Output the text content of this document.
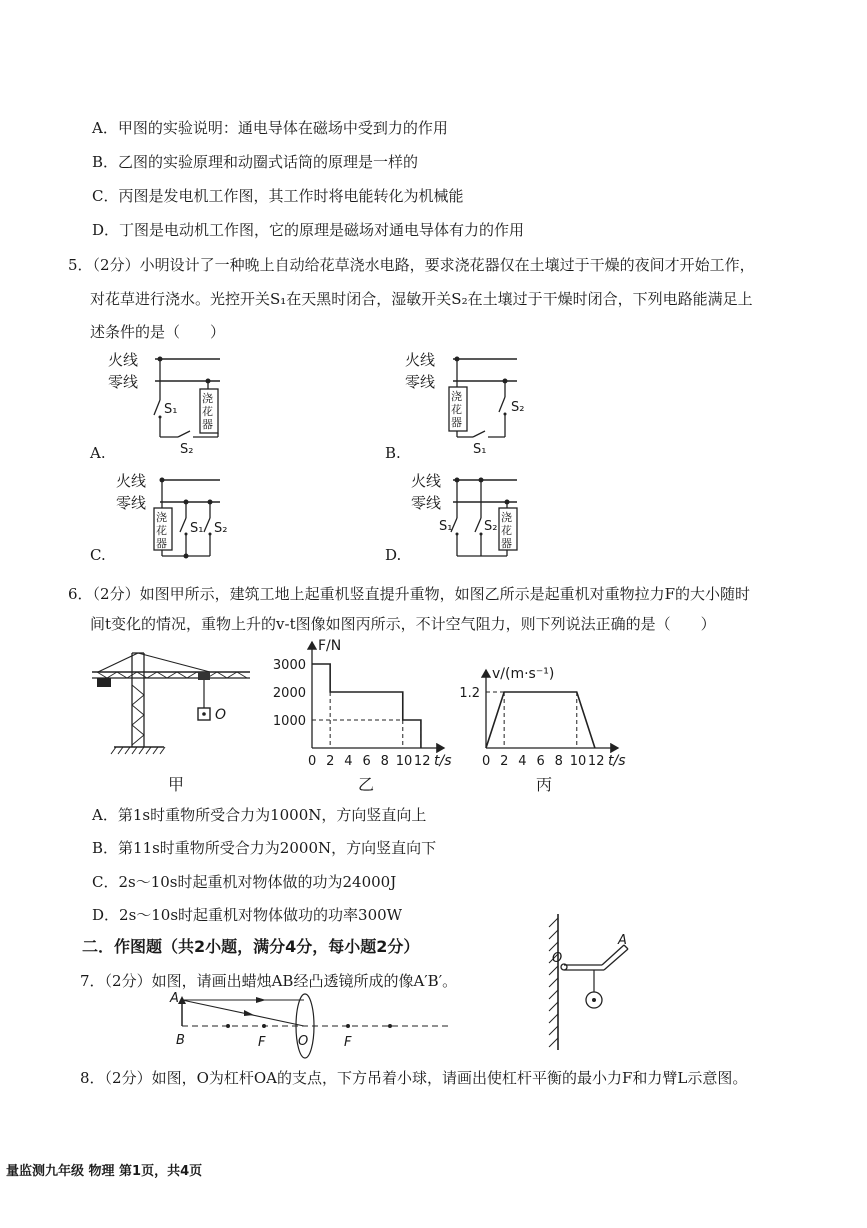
A．甲图的实验说明：通电导体在磁场中受到力的作用
B．乙图的实验原理和动圈式话筒的原理是一样的
C．丙图是发电机工作图，其工作时将电能转化为机械能
D．丁图是电动机工作图，它的原理是磁场对通电导体有力的作用
5．（2分）小明设计了一种晚上自动给花草浇水电路，要求浇花器仅在土壤过于干燥的夜间才开始工作，
对花草进行浇水。光控开关S₁在天黑时闭合，湿敏开关S₂在土壤过于干燥时闭合，下列电路能满足上
述条件的是（　　）
火线
零线
S₁
S₂
浇
花
器
A.
火线
零线
浇
花
器
S₁
S₂
B.
火线
零线
浇
花
器
S₁ S₂
C.
火线
零线
S₁ S₂
浇
花
器
D.
6．（2分）如图甲所示，建筑工地上起重机竖直提升重物，如图乙所示是起重机对重物拉力F的大小随时
间t变化的情况，重物上升的v-t图像如图丙所示，不计空气阻力，则下列说法正确的是（　　）
O
甲
F/N
t/s
0 2 4 6 8 10 12
1000
2000
3000
乙
v/(m·s⁻¹)
t/s
0 2 4 6 8 10 12
1.2
丙
A．第1s时重物所受合力为1000N，方向竖直向上
B．第11s时重物所受合力为2000N，方向竖直向下
C．2s～10s时起重机对物体做的功为24000J
D．2s～10s时起重机对物体做功的功率300W
二．作图题（共2小题，满分4分，每小题2分）
7．（2分）如图，请画出蜡烛AB经凸透镜所成的像A′B′。
A
B	F	O	F
O
A
8．（2分）如图，O为杠杆OA的支点，下方吊着小球，请画出使杠杆平衡的最小力F和力臂L示意图。
量监测九年级 物理 第1页，共4页
